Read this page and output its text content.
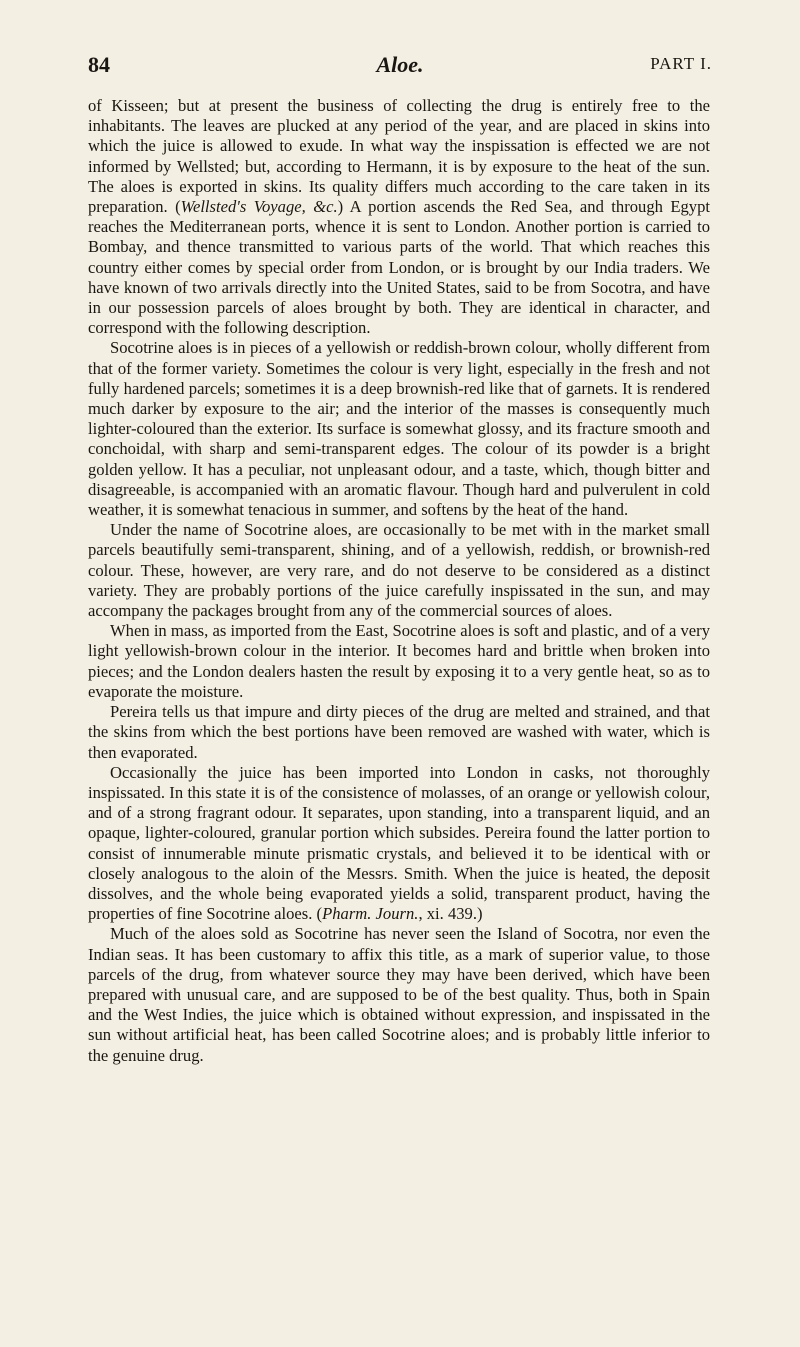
84	Aloe.	PART I.

of Kisseen; but at present the business of collecting the drug is entirely free to the inhabitants. The leaves are plucked at any period of the year, and are placed in skins into which the juice is allowed to exude. In what way the inspissation is effected we are not informed by Wellsted; but, according to Hermann, it is by exposure to the heat of the sun. The aloes is exported in skins. Its quality differs much according to the care taken in its preparation. (Wellsted's Voyage, &c.) A portion ascends the Red Sea, and through Egypt reaches the Mediterranean ports, whence it is sent to London. Another portion is carried to Bombay, and thence transmitted to various parts of the world. That which reaches this country either comes by special order from London, or is brought by our India traders. We have known of two arrivals directly into the United States, said to be from Socotra, and have in our possession parcels of aloes brought by both. They are identical in character, and correspond with the following description.

Socotrine aloes is in pieces of a yellowish or reddish-brown colour, wholly different from that of the former variety. Sometimes the colour is very light, especially in the fresh and not fully hardened parcels; sometimes it is a deep brownish-red like that of garnets. It is rendered much darker by exposure to the air; and the interior of the masses is consequently much lighter-coloured than the exterior. Its surface is somewhat glossy, and its fracture smooth and conchoidal, with sharp and semi-transparent edges. The colour of its powder is a bright golden yellow. It has a peculiar, not unpleasant odour, and a taste, which, though bitter and disagreeable, is accompanied with an aromatic flavour. Though hard and pulverulent in cold weather, it is somewhat tenacious in summer, and softens by the heat of the hand.

Under the name of Socotrine aloes, are occasionally to be met with in the market small parcels beautifully semi-transparent, shining, and of a yellowish, reddish, or brownish-red colour. These, however, are very rare, and do not deserve to be considered as a distinct variety. They are probably portions of the juice carefully inspissated in the sun, and may accompany the packages brought from any of the commercial sources of aloes.

When in mass, as imported from the East, Socotrine aloes is soft and plastic, and of a very light yellowish-brown colour in the interior. It becomes hard and brittle when broken into pieces; and the London dealers hasten the result by exposing it to a very gentle heat, so as to evaporate the moisture.

Pereira tells us that impure and dirty pieces of the drug are melted and strained, and that the skins from which the best portions have been removed are washed with water, which is then evaporated.

Occasionally the juice has been imported into London in casks, not thoroughly inspissated. In this state it is of the consistence of molasses, of an orange or yellowish colour, and of a strong fragrant odour. It separates, upon standing, into a transparent liquid, and an opaque, lighter-coloured, granular portion which subsides. Pereira found the latter portion to consist of innumerable minute prismatic crystals, and believed it to be identical with or closely analogous to the aloin of the Messrs. Smith. When the juice is heated, the deposit dissolves, and the whole being evaporated yields a solid, transparent product, having the properties of fine Socotrine aloes. (Pharm. Journ., xi. 439.)

Much of the aloes sold as Socotrine has never seen the Island of Socotra, nor even the Indian seas. It has been customary to affix this title, as a mark of superior value, to those parcels of the drug, from whatever source they may have been derived, which have been prepared with unusual care, and are supposed to be of the best quality. Thus, both in Spain and the West Indies, the juice which is obtained without expression, and inspissated in the sun without artificial heat, has been called Socotrine aloes; and is probably little inferior to the genuine drug.
